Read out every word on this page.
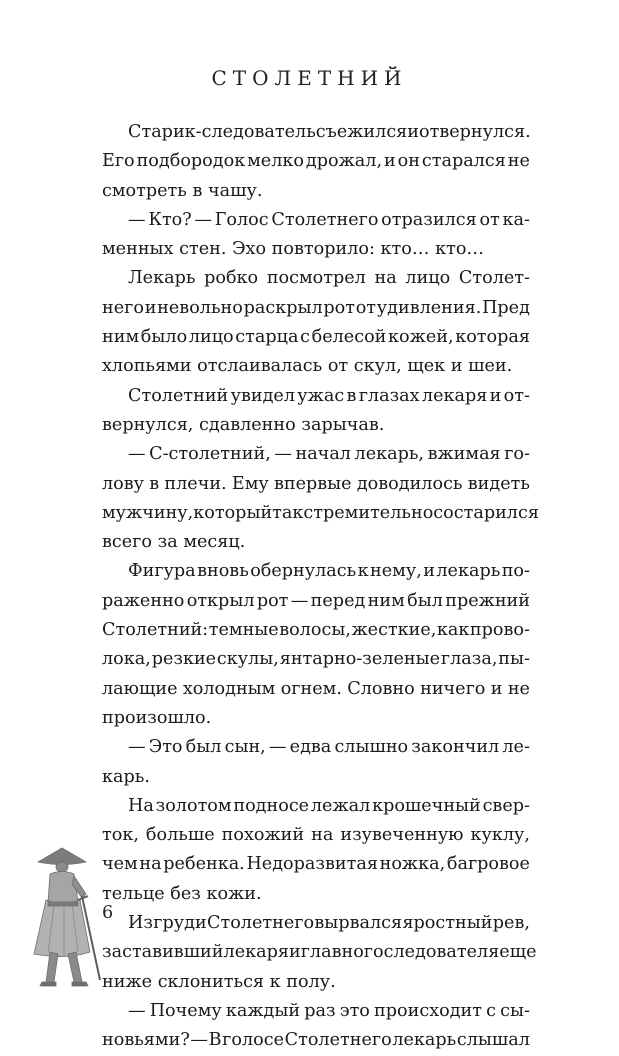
СТОЛЕТНИЙ
Старик-следователь съежился и отвернулся.
Его подбородок мелко дрожал, и он старался не
смотреть в чашу.
— Кто? — Голос Столетнего отразился от ка-
менных стен. Эхо повторило: кто… кто…
Лекарь робко посмотрел на лицо Столет-
него и невольно раскрыл рот от удивления. Пред
ним было лицо старца с белесой кожей, которая
хлопьями отслаивалась от скул, щек и шеи.
Столетний увидел ужас в глазах лекаря и от-
вернулся, сдавленно зарычав.
— С-столетний, — начал лекарь, вжимая го-
лову в плечи. Ему впервые доводилось видеть
мужчину, который так стремительно состарился
всего за месяц.
Фигура вновь обернулась к нему, и лекарь по-
раженно открыл рот — перед ним был прежний
Столетний: темные волосы, жесткие, как прово-
лока, резкие скулы, янтарно-зеленые глаза, пы-
лающие холодным огнем. Словно ничего и не
произошло.
— Это был сын, — едва слышно закончил ле-
карь.
На золотом подносе лежал крошечный свер-
ток, больше похожий на изувеченную куклу,
чем на ребенка. Недоразвитая ножка, багровое
тельце без кожи.
Из груди Столетнего вырвался яростный рев,
заставивший лекаря и главного следователя еще
ниже склониться к полу.
— Почему каждый раз это происходит с сы-
новьями? — В голосе Столетнего лекарь слышал
6
